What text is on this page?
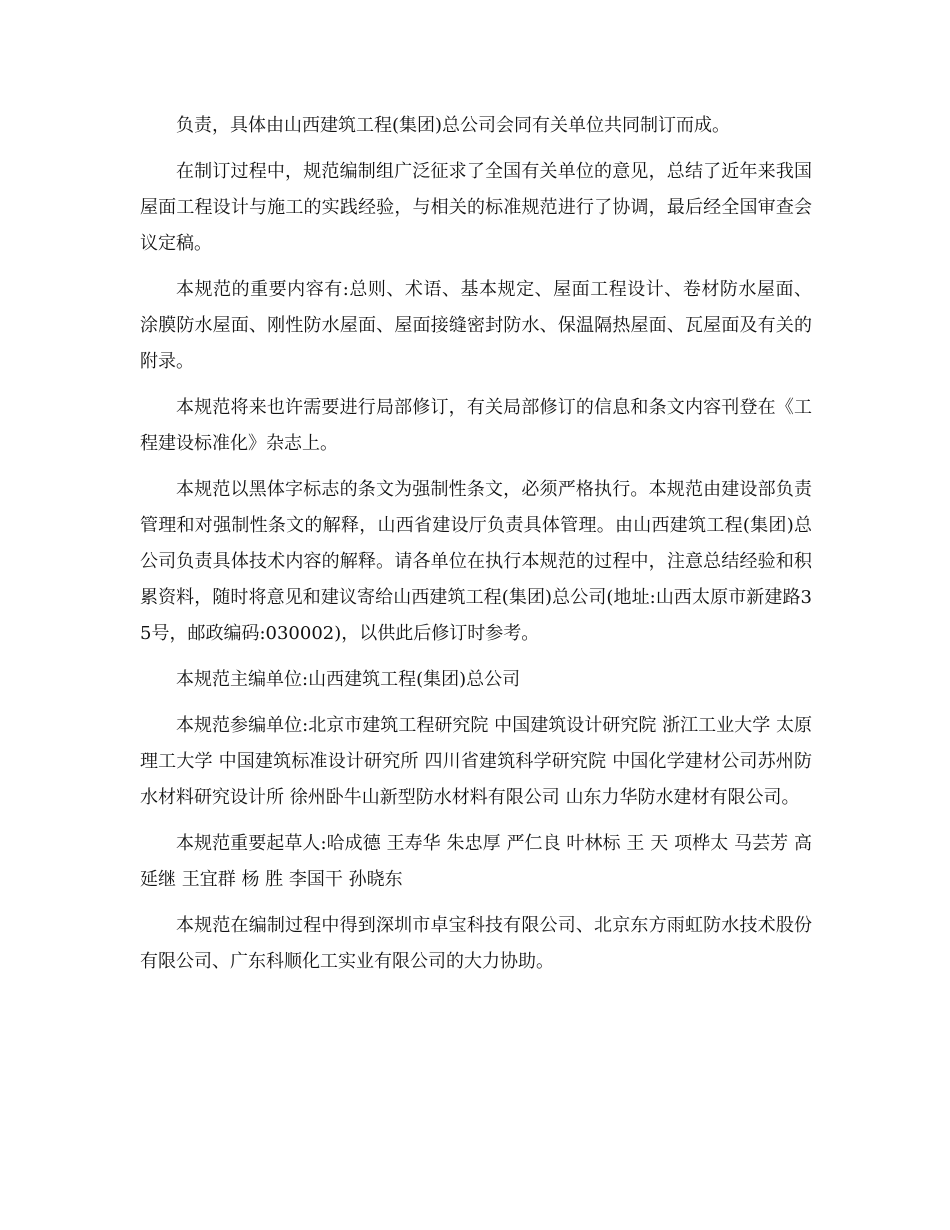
负责，具体由山西建筑工程(集团)总公司会同有关单位共同制订而成。

在制订过程中，规范编制组广泛征求了全国有关单位的意见，总结了近年来我国屋面工程设计与施工的实践经验，与相关的标准规范进行了协调，最后经全国审查会议定稿。

本规范的重要内容有:总则、术语、基本规定、屋面工程设计、卷材防水屋面、涂膜防水屋面、刚性防水屋面、屋面接缝密封防水、保温隔热屋面、瓦屋面及有关的附录。

本规范将来也许需要进行局部修订，有关局部修订的信息和条文内容刊登在《工程建设标准化》杂志上。

本规范以黑体字标志的条文为强制性条文，必须严格执行。本规范由建设部负责管理和对强制性条文的解释，山西省建设厅负责具体管理。由山西建筑工程(集团)总公司负责具体技术内容的解释。请各单位在执行本规范的过程中，注意总结经验和积累资料，随时将意见和建议寄给山西建筑工程(集团)总公司(地址:山西太原市新建路35号，邮政编码:030002)，以供此后修订时参考。

本规范主编单位:山西建筑工程(集团)总公司

本规范参编单位:北京市建筑工程研究院 中国建筑设计研究院 浙江工业大学 太原理工大学 中国建筑标准设计研究所 四川省建筑科学研究院 中国化学建材公司苏州防水材料研究设计所 徐州卧牛山新型防水材料有限公司 山东力华防水建材有限公司。

本规范重要起草人:哈成德 王寿华 朱忠厚 严仁良 叶林标 王 天 项桦太 马芸芳 高延继 王宜群 杨 胜 李国干 孙晓东

本规范在编制过程中得到深圳市卓宝科技有限公司、北京东方雨虹防水技术股份有限公司、广东科顺化工实业有限公司的大力协助。
